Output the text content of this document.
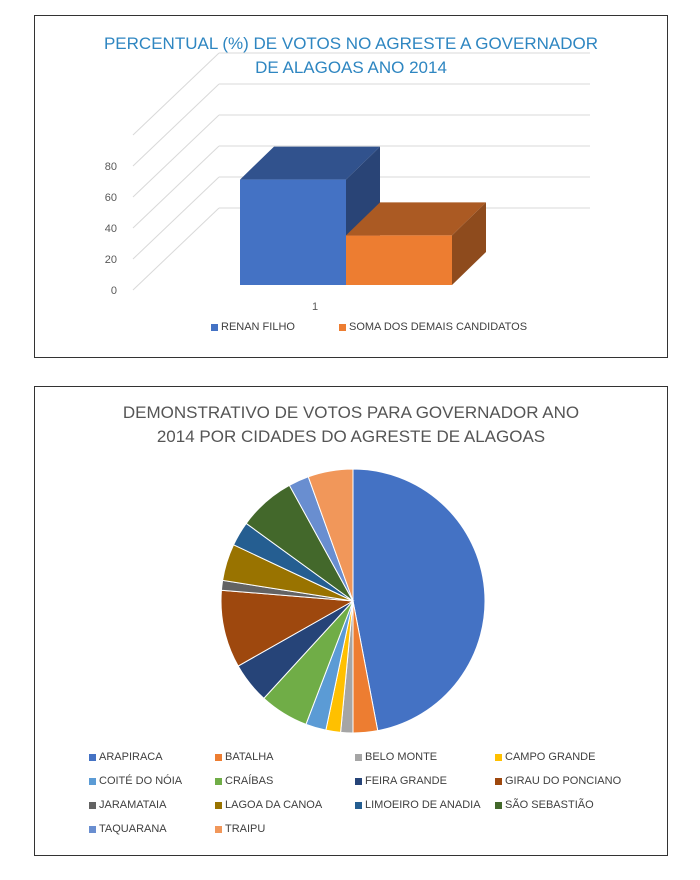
PERCENTUAL (%) DE VOTOS NO AGRESTE A GOVERNADOR
DE ALAGOAS ANO 2014
0
20
40
60
80
1
RENAN FILHO	SOMA DOS DEMAIS CANDIDATOS
DEMONSTRATIVO DE VOTOS PARA GOVERNADOR ANO
2014 POR CIDADES DO AGRESTE DE ALAGOAS
ARAPIRACA	BATALHA	BELO MONTE	CAMPO GRANDE
COITÉ DO NÓIA	CRAÍBAS	FEIRA GRANDE	GIRAU DO PONCIANO
JARAMATAIA	LAGOA DA CANOA	LIMOEIRO DE ANADIA	SÃO SEBASTIÃO
TAQUARANA	TRAIPU
